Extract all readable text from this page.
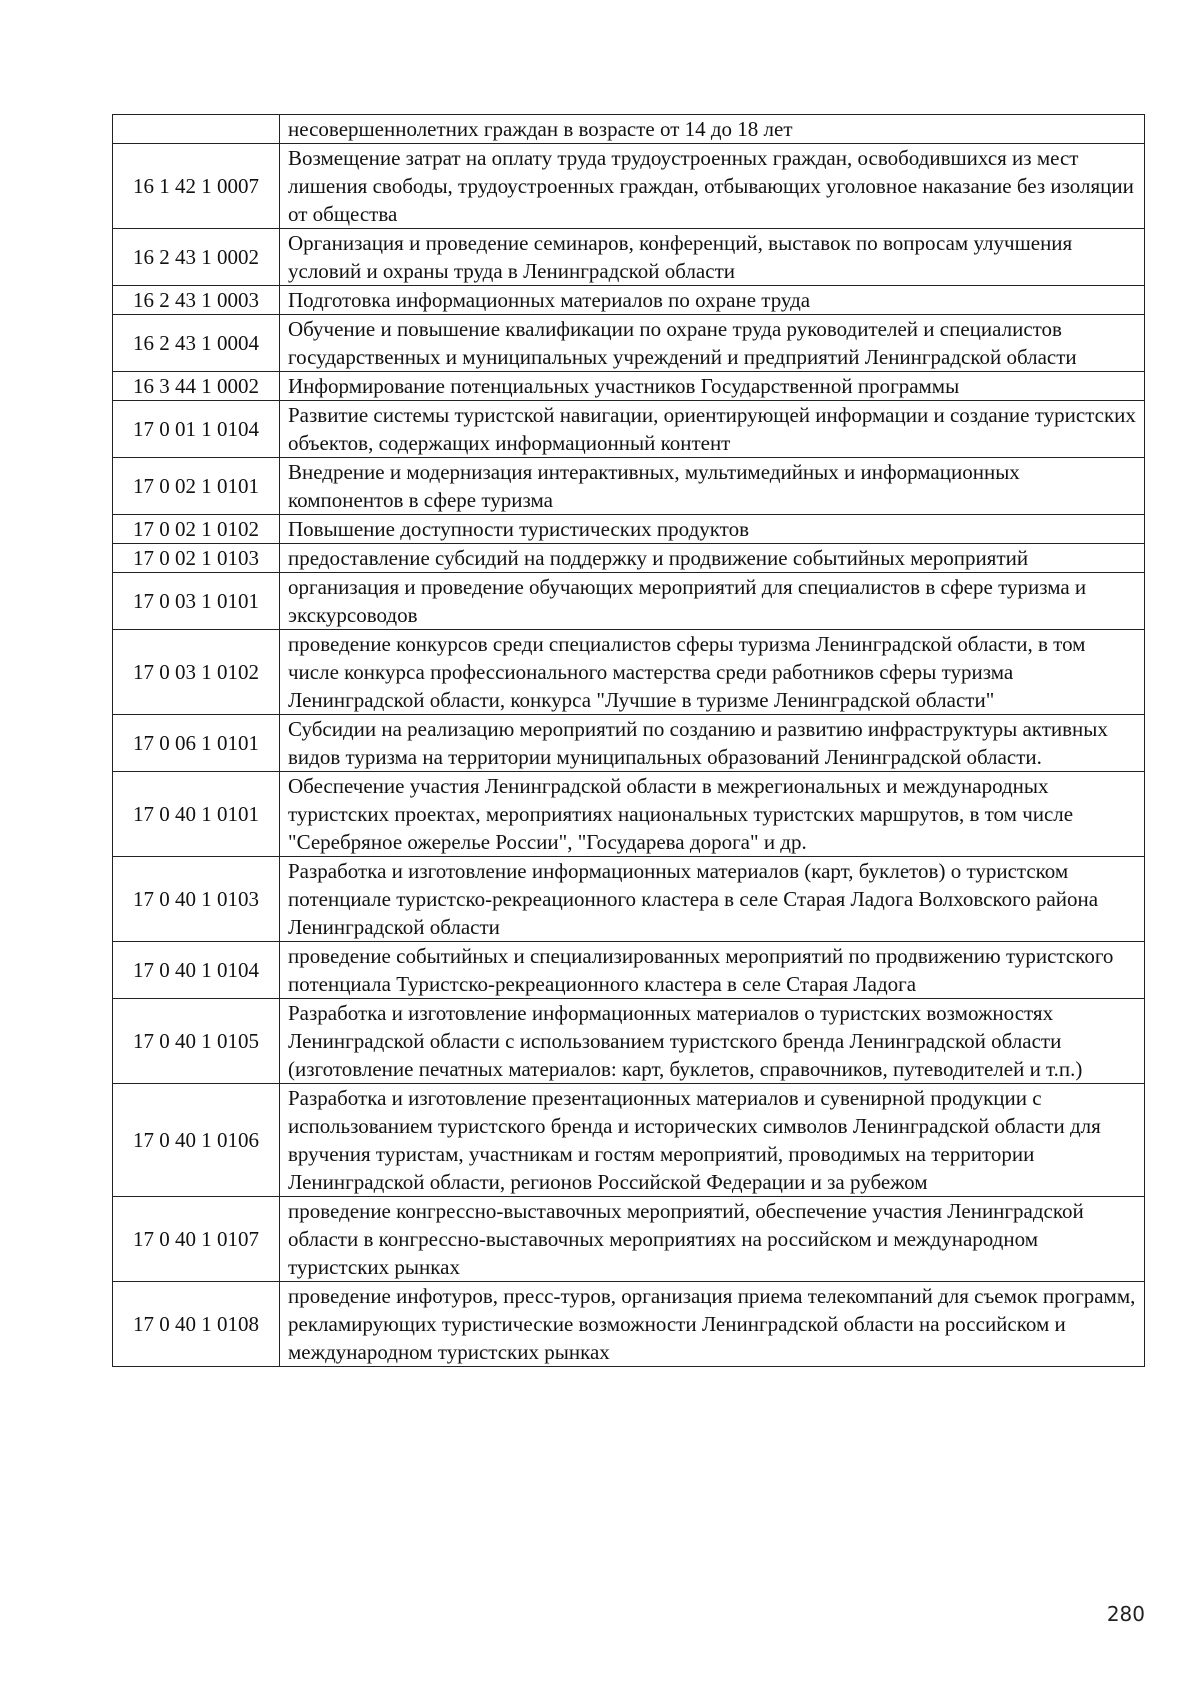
	несовершеннолетних граждан в возрасте от 14 до 18 лет
16 1 42 1 0007	Возмещение затрат на оплату труда трудоустроенных граждан, освободившихся из мест лишения свободы, трудоустроенных граждан, отбывающих уголовное наказание без изоляции от общества
16 2 43 1 0002	Организация и проведение семинаров, конференций, выставок по вопросам улучшения условий и охраны труда в Ленинградской области
16 2 43 1 0003	Подготовка информационных материалов по охране труда
16 2 43 1 0004	Обучение и повышение квалификации по охране труда руководителей и специалистов государственных и муниципальных учреждений и предприятий Ленинградской области
16 3 44 1 0002	Информирование потенциальных участников Государственной программы
17 0 01 1 0104	Развитие системы туристской навигации, ориентирующей информации и создание туристских объектов, содержащих информационный контент
17 0 02 1 0101	Внедрение и модернизация интерактивных, мультимедийных и информационных компонентов в сфере туризма
17 0 02 1 0102	Повышение доступности туристических продуктов
17 0 02 1 0103	предоставление субсидий на поддержку и продвижение событийных мероприятий
17 0 03 1 0101	организация и проведение обучающих мероприятий для специалистов в сфере туризма и экскурсоводов
17 0 03 1 0102	проведение конкурсов среди специалистов сферы туризма Ленинградской области, в том числе конкурса профессионального мастерства среди работников сферы туризма Ленинградской области, конкурса "Лучшие в туризме Ленинградской области"
17 0 06 1 0101	Субсидии на реализацию мероприятий по созданию и развитию инфраструктуры активных видов туризма на территории муниципальных образований Ленинградской области.
17 0 40 1 0101	Обеспечение участия Ленинградской области в межрегиональных и международных туристских проектах, мероприятиях национальных туристских маршрутов, в том числе "Серебряное ожерелье России", "Государева дорога" и др.
17 0 40 1 0103	Разработка и изготовление информационных материалов (карт, буклетов) о туристском потенциале туристско-рекреационного кластера в селе Старая Ладога Волховского района Ленинградской области
17 0 40 1 0104	проведение событийных и специализированных мероприятий по продвижению туристского потенциала Туристско-рекреационного кластера в селе Старая Ладога
17 0 40 1 0105	Разработка и изготовление информационных материалов о туристских возможностях Ленинградской области с использованием туристского бренда Ленинградской области (изготовление печатных материалов: карт, буклетов, справочников, путеводителей и т.п.)
17 0 40 1 0106	Разработка и изготовление презентационных материалов и сувенирной продукции с использованием туристского бренда и исторических символов Ленинградской области для вручения туристам, участникам и гостям мероприятий, проводимых на территории Ленинградской области, регионов Российской Федерации и за рубежом
17 0 40 1 0107	проведение конгрессно-выставочных мероприятий, обеспечение участия Ленинградской области в конгрессно-выставочных мероприятиях на российском и международном туристских рынках
17 0 40 1 0108	проведение инфотуров, пресс-туров, организация приема телекомпаний для съемок программ, рекламирующих туристические возможности Ленинградской области на российском и международном туристских рынках
280
